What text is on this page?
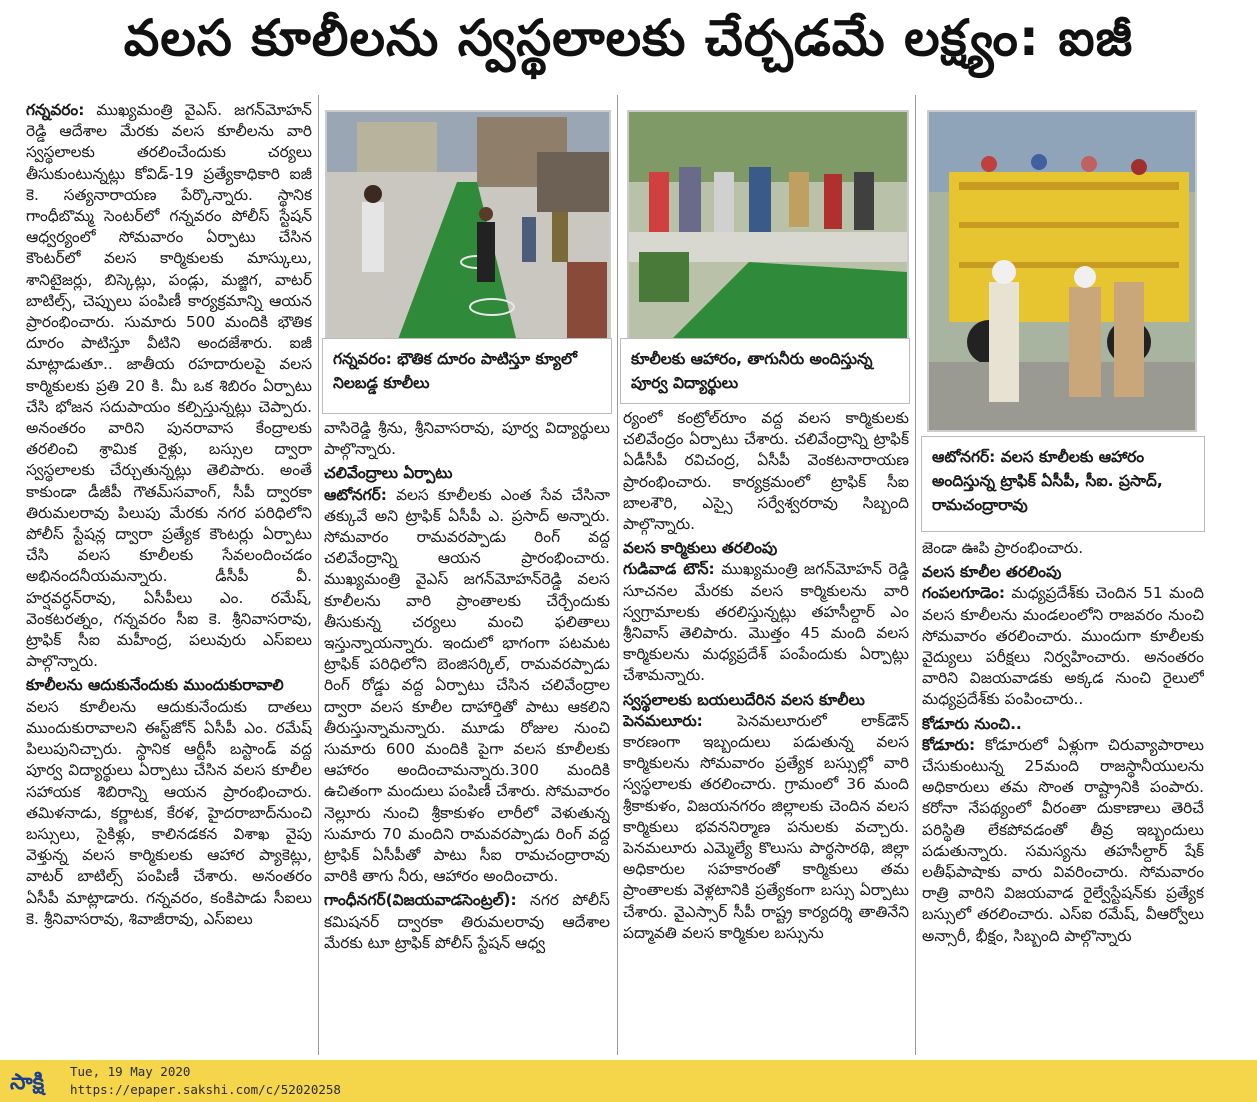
వలస కూలీలను స్వస్థలాలకు చేర్చడమే లక్ష్యం: ఐజీ

గన్నవరం: ముఖ్యమంత్రి వైఎస్. జగన్‌మోహన్ రెడ్డి ఆదేశాల మేరకు వలస కూలీలను వారి స్వస్థలాలకు తరలించేందుకు చర్యలు తీసుకుంటున్నట్లు కోవిడ్-19 ప్రత్యేకాధికారి ఐజీ కె. సత్యనారాయణ పేర్కొన్నారు. స్థానిక గాంధీబొమ్మ సెంటర్‌లో గన్నవరం పోలీస్ స్టేషన్ ఆధ్వర్యంలో సోమవారం ఏర్పాటు చేసిన కౌంటర్‌లో వలస కార్మికులకు మాస్కులు, శానిటైజర్లు, బిస్కెట్లు, పండ్లు, మజ్జిగ, వాటర్ బాటిల్స్, చెప్పులు పంపిణీ కార్యక్రమాన్ని ఆయన ప్రారంభించారు. సుమారు 500 మందికి భౌతిక దూరం పాటిస్తూ వీటిని అందజేశారు. ఐజీ మాట్లాడుతూ.. జాతీయ రహదారులపై వలస కార్మికులకు ప్రతి 20 కి. మీ ఒక శిబిరం ఏర్పాటు చేసి భోజన సదుపాయం కల్పిస్తున్నట్లు చెప్పారు. అనంతరం వారిని పునరావాస కేంద్రాలకు తరలించి శ్రామిక రైళ్లు, బస్సుల ద్వారా స్వస్థలాలకు చేర్చుతున్నట్లు తెలిపారు. అంతే కాకుండా డీజీపీ గౌతమ్‌సవాంగ్, సీపీ ద్వారకా తిరుమలరావు పిలుపు మేరకు నగర పరిధిలోని పోలీస్ స్టేషన్ల ద్వారా ప్రత్యేక కౌంటర్లు ఏర్పాటు చేసి వలస కూలీలకు సేవలందించడం అభినందనీయమన్నారు. డీసీపీ వీ. హర్షవర్ధన్‌రావు, ఏసీపీలు ఎం. రమేష్, వెంకటరత్నం, గన్నవరం సీఐ కె. శ్రీనివాసరావు, ట్రాఫిక్ సీఐ మహీంద్ర, పలువురు ఎస్ఐలు పాల్గొన్నారు.

కూలీలను ఆదుకునేందుకు ముందుకురావాలి

వలస కూలీలను ఆదుకునేందుకు దాతలు ముందుకురావాలని ఈస్ట్‌జోన్ ఏసీపీ ఎం. రమేష్ పిలుపునిచ్చారు. స్థానిక ఆర్టీసీ బస్టాండ్ వద్ద పూర్వ విద్యార్థులు ఏర్పాటు చేసిన వలస కూలీల సహాయక శిబిరాన్ని ఆయన ప్రారంభించారు. తమిళనాడు, కర్ణాటక, కేరళ, హైదరాబాద్‌నుంచి బస్సులు, సైకిళ్లు, కాలినడకన విశాఖ వైపు వెళ్తున్న వలస కార్మికులకు ఆహార ప్యాకెట్లు, వాటర్ బాటిల్స్ పంపిణీ చేశారు. అనంతరం ఏసీపీ మాట్లాడారు. గన్నవరం, కంకిపాడు సీఐలు కె. శ్రీనివాసరావు, శివాజీరావు, ఎస్ఐలు

గన్నవరం: భౌతిక దూరం పాటిస్తూ క్యూలో నిలబడ్డ కూలీలు

వాసిరెడ్డి శ్రీను, శ్రీనివాసరావు, పూర్వ విద్యార్థులు పాల్గొన్నారు.

చలివేంద్రాలు ఏర్పాటు

ఆటోనగర్: వలస కూలీలకు ఎంత సేవ చేసినా తక్కువే అని ట్రాఫిక్ ఏసీపీ ఎ. ప్రసాద్ అన్నారు. సోమవారం రామవరప్పాడు రింగ్ వద్ద చలివేంద్రాన్ని ఆయన ప్రారంభించారు. ముఖ్యమంత్రి వైఎస్ జగన్‌మోహన్‌రెడ్డి వలస కూలీలను వారి ప్రాంతాలకు చేర్చేందుకు తీసుకున్న చర్యలు మంచి ఫలితాలు ఇస్తున్నాయన్నారు. ఇందులో భాగంగా పటమట ట్రాఫిక్ పరిధిలోని బెంజిసర్కిల్, రామవరప్పాడు రింగ్ రోడ్డు వద్ద ఏర్పాటు చేసిన చలివేంద్రాల ద్వారా వలస కూలీల దాహార్తితో పాటు ఆకలిని తీరుస్తున్నామన్నారు. మూడు రోజుల నుంచి సుమారు 600 మందికి పైగా వలస కూలీలకు ఆహారం అందించామన్నారు.300 మందికి ఉచితంగా మందులు పంపిణీ చేశారు. సోమవారం నెల్లూరు నుంచి శ్రీకాకుళం లారీలో వెళుతున్న సుమారు 70 మందిని రామవరప్పాడు రింగ్ వద్ద ట్రాఫిక్ ఏసీపీతో పాటు సీఐ రామచంద్రారావు వారికి తాగు నీరు, ఆహారం అందించారు.

గాంధీనగర్(విజయవాడసెంట్రల్): నగర పోలీస్ కమిషనర్ ద్వారకా తిరుమలరావు ఆదేశాల మేరకు టూ ట్రాఫిక్ పోలీస్ స్టేషన్ ఆధ్వ

కూలీలకు ఆహారం, తాగునీరు అందిస్తున్న పూర్వ విద్యార్థులు

ర్యంలో కంట్రోల్‌రూం వద్ద వలస కార్మికులకు చలివేంద్రం ఏర్పాటు చేశారు. చలివేంద్రాన్ని ట్రాఫిక్ ఏడీసీపీ రవిచంద్ర, ఏసీపీ వెంకటనారాయణ ప్రారంభించారు. కార్యక్రమంలో ట్రాఫిక్ సీఐ బాలశౌరి, ఎస్సై సర్వేశ్వరరావు సిబ్బంది పాల్గొన్నారు.

వలస కార్మికులు తరలింపు

గుడివాడ టౌన్: ముఖ్యమంత్రి జగన్‌మోహన్ రెడ్డి సూచనల మేరకు వలస కార్మికులను వారి స్వగ్రామాలకు తరలిస్తున్నట్లు తహసీల్దార్ ఎం శ్రీనివాస్ తెలిపారు. మొత్తం 45 మంది వలస కార్మికులను మధ్యప్రదేశ్ పంపేందుకు ఏర్పాట్లు చేశామన్నారు.

స్వస్థలాలకు బయలుదేరిన వలస కూలీలు

పెనమలూరు: పెనమలూరులో లాక్‌డౌన్ కారణంగా ఇబ్బందులు పడుతున్న వలస కార్మికులను సోమవారం ప్రత్యేక బస్సుల్లో వారి స్వస్థలాలకు తరలించారు. గ్రామంలో 36 మంది శ్రీకాకుళం, విజయనగరం జిల్లాలకు చెందిన వలస కార్మికులు భవననిర్మాణ పనులకు వచ్చారు. పెనమలూరు ఎమ్మెల్యే కొలుసు పార్థసారథి, జిల్లా అధికారుల సహకారంతో కార్మికులు తమ ప్రాంతాలకు వెళ్లటానికి ప్రత్యేకంగా బస్సు ఏర్పాటు చేశారు. వైఎస్సార్ సీపీ రాష్ట్ర కార్యదర్శి తాతినేని పద్మావతి వలస కార్మికుల బస్సును

ఆటోనగర్: వలస కూలీలకు ఆహారం అందిస్తున్న ట్రాఫిక్ ఏసీపీ, సీఐ. ప్రసాద్, రామచంద్రారావు

జెండా ఊపి ప్రారంభించారు.

వలస కూలీల తరలింపు

గంపలగూడెం: మధ్యప్రదేశ్‌కు చెందిన 51 మంది వలస కూలీలను మండలంలోని రాజవరం నుంచి సోమవారం తరలించారు. ముందుగా కూలీలకు వైద్యులు పరీక్షలు నిర్వహించారు. అనంతరం వారిని విజయవాడకు అక్కడ నుంచి రైలులో మధ్యప్రదేశ్‌కు పంపించారు..

కోడూరు నుంచి..

కోడూరు: కోడూరులో ఏళ్లుగా చిరువ్యాపారాలు చేసుకుంటున్న 25మంది రాజస్థానీయులను అధికారులు తమ సొంత రాష్ట్రానికి పంపారు. కరోనా నేపథ్యంలో వీరంతా దుకాణాలు తెరిచే పరిస్థితి లేకపోవడంతో తీవ్ర ఇబ్బందులు పడుతున్నారు. సమస్యను తహసీల్దార్ షేక్ లతీఫ్‌పాషాకు వారు వివరించారు. సోమవారం రాత్రి వారిని విజయవాడ రైల్వేస్టేషన్‌కు ప్రత్యేక బస్సులో తరలించారు. ఎస్ఐ రమేష్, వీఆర్వోలు అన్సారీ, భీక్షం, సిబ్బంది పాల్గొన్నారు

సాక్షి Tue, 19 May 2020
https://epaper.sakshi.com/c/52020258
